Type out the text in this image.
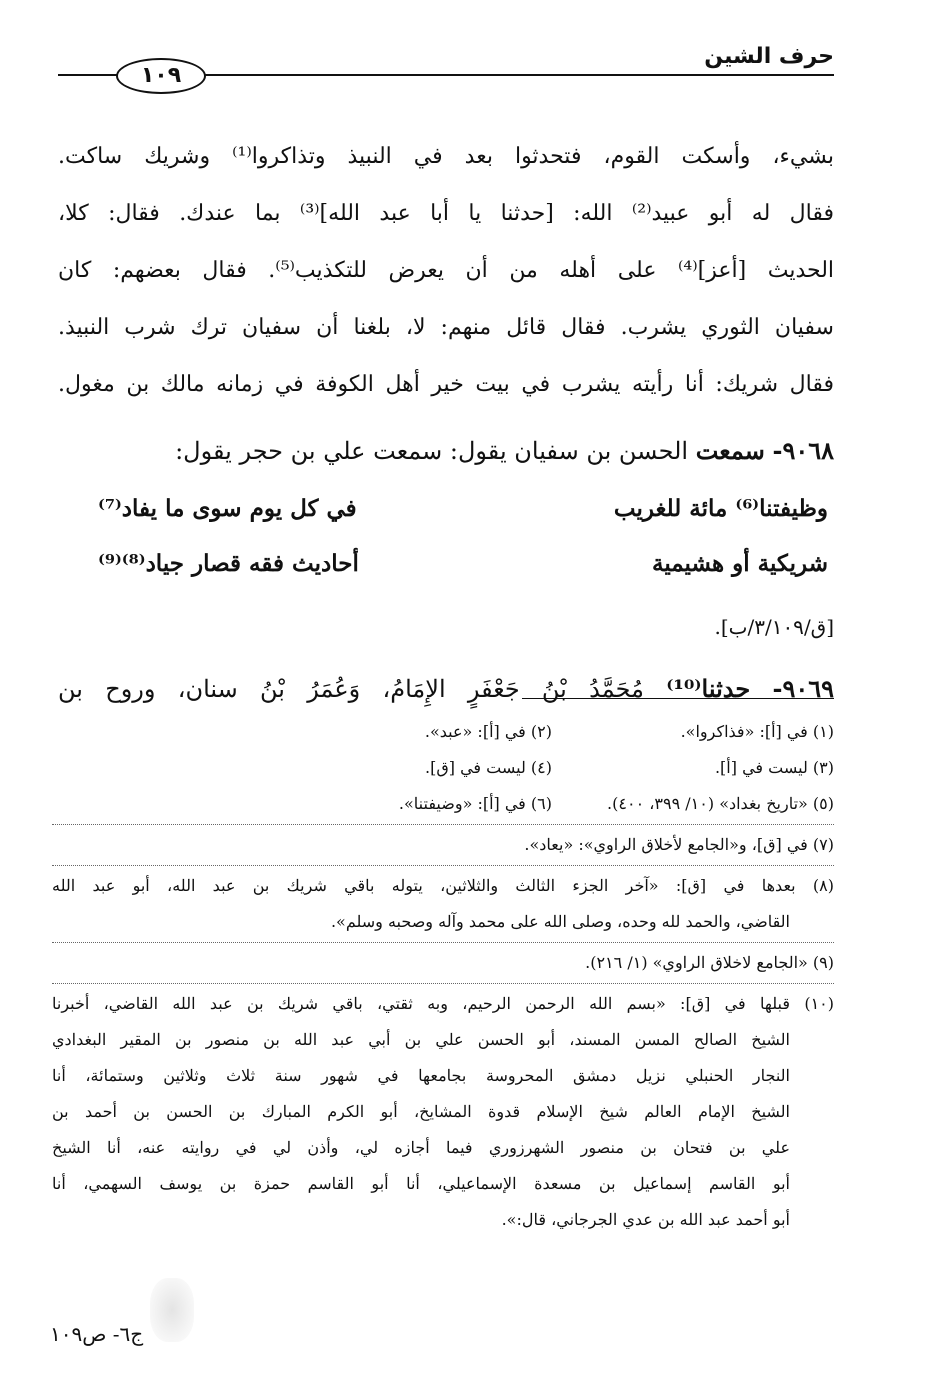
حرف الشين
١٠٩
بشيء، وأسكت القوم، فتحدثوا بعد في النبيذ وتذاكروا⁽¹⁾ وشريك ساكت.
فقال له أبو عبيد⁽²⁾ الله: [حدثنا يا أبا عبد الله]⁽³⁾ بما عندك. فقال: كلا،
الحديث [أعز]⁽⁴⁾ على أهله من أن يعرض للتكذيب⁽⁵⁾. فقال بعضهم: كان
سفيان الثوري يشرب. فقال قائل منهم: لا، بلغنا أن سفيان ترك شرب النبيذ.
فقال شريك: أنا رأيته يشرب في بيت خير أهل الكوفة في زمانه مالك بن مغول.
٩٠٦٨- سمعت الحسن بن سفيان يقول: سمعت علي بن حجر يقول:
وظيفتنا⁽⁶⁾ مائة للغريب
في كل يوم سوى ما يفاد⁽⁷⁾
شريكية أو هشيمية
أحاديث فقه قصار جياد⁽⁸⁾⁽⁹⁾
[ق/٣/١٠٩/ب].
٩٠٦٩- حدثنا⁽¹⁰⁾ مُحَمَّدُ بْنُ جَعْفَرٍ الإِمَامُ، وَعُمَرُ بْنُ سنان، وروح بن
(١) في [أ]: «فذاكروا».
(٢) في [أ]: «عبد».
(٣) ليست في [أ].
(٤) ليست في [ق].
(٥) «تاريخ بغداد» (١٠/ ٣٩٩، ٤٠٠).
(٦) في [أ]: «وضيفتنا».
(٧) في [ق]، و«الجامع لأخلاق الراوي»: «يعاد».
(٨) بعدها في [ق]: «آخر الجزء الثالث والثلاثين، يتوله باقي شريك بن عبد الله، أبو عبد الله
القاضي، والحمد لله وحده، وصلى الله على محمد وآله وصحبه وسلم».
(٩) «الجامع لاخلاق الراوي» (١/ ٢١٦).
(١٠) قبلها في [ق]: «بسم الله الرحمن الرحيم، وبه ثقتي، باقي شريك بن عبد الله القاضي، أخبرنا
الشيخ الصالح المسن المسند، أبو الحسن علي بن أبي عبد الله بن منصور بن المقير البغدادي
النجار الحنبلي نزيل دمشق المحروسة بجامعها في شهور سنة ثلاث وثلاثين وستمائة، أنا
الشيخ الإمام العالم شيخ الإسلام قدوة المشايخ، أبو الكرم المبارك بن الحسن بن أحمد بن
علي بن فتحان بن منصور الشهرزوري فيما أجازه لي، وأذن لي في روايته عنه، أنا الشيخ
أبو القاسم إسماعيل بن مسعدة الإسماعيلي، أنا أبو القاسم حمزة بن يوسف السهمي، أنا
أبو أحمد عبد الله بن عدي الجرجاني، قال:».
ج٦- ص١٠٩
